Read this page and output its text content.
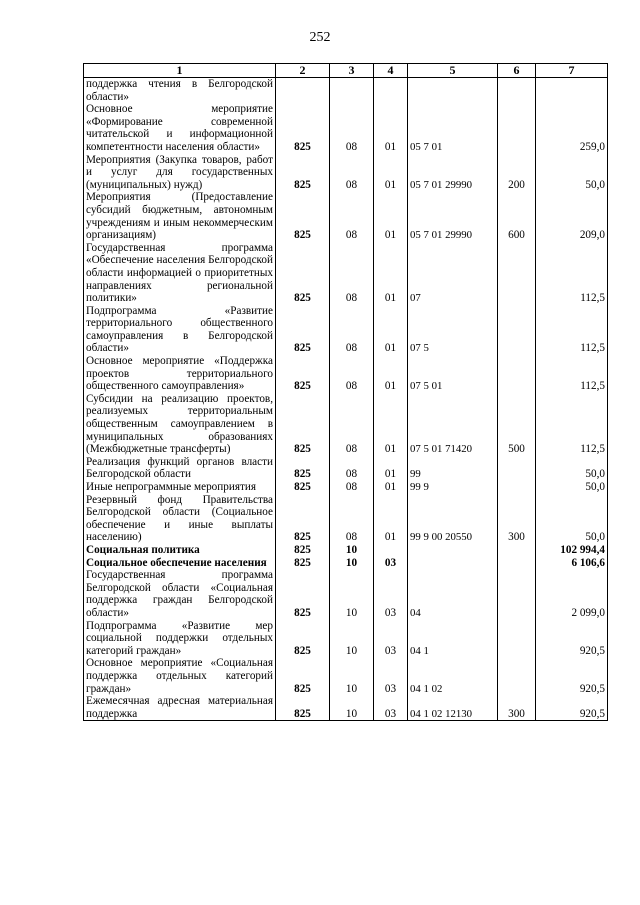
252
1	2	3	4	5	6	7
поддержка чтения в Белгородской области»						
Основное мероприятие «Формирование современной читательской и информационной компетентности населения области»	825	08	01	05 7 01		259,0
Мероприятия (Закупка товаров, работ и услуг для государственных (муниципальных) нужд)	825	08	01	05 7 01 29990	200	50,0
Мероприятия (Предоставление субсидий бюджетным, автономным учреждениям и иным некоммерческим организациям)	825	08	01	05 7 01 29990	600	209,0
Государственная программа «Обеспечение населения Белгородской области информацией о приоритетных направлениях региональной политики»	825	08	01	07		112,5
Подпрограмма «Развитие территориального общественного самоуправления в Белгородской области»	825	08	01	07 5		112,5
Основное мероприятие «Поддержка проектов территориального общественного самоуправления»	825	08	01	07 5 01		112,5
Субсидии на реализацию проектов, реализуемых территориальным общественным самоуправлением в муниципальных образованиях (Межбюджетные трансферты)	825	08	01	07 5 01 71420	500	112,5
Реализация функций органов власти Белгородской области	825	08	01	99		50,0
Иные непрограммные мероприятия	825	08	01	99 9		50,0
Резервный фонд Правительства Белгородской области (Социальное обеспечение и иные выплаты населению)	825	08	01	99 9 00 20550	300	50,0
Социальная политика	825	10				102 994,4
Социальное обеспечение населения	825	10	03			6 106,6
Государственная программа Белгородской области «Социальная поддержка граждан Белгородской области»	825	10	03	04		2 099,0
Подпрограмма «Развитие мер социальной поддержки отдельных категорий граждан»	825	10	03	04 1		920,5
Основное мероприятие «Социальная поддержка отдельных категорий граждан»	825	10	03	04 1 02		920,5
Ежемесячная адресная материальная поддержка	825	10	03	04 1 02 12130	300	920,5
